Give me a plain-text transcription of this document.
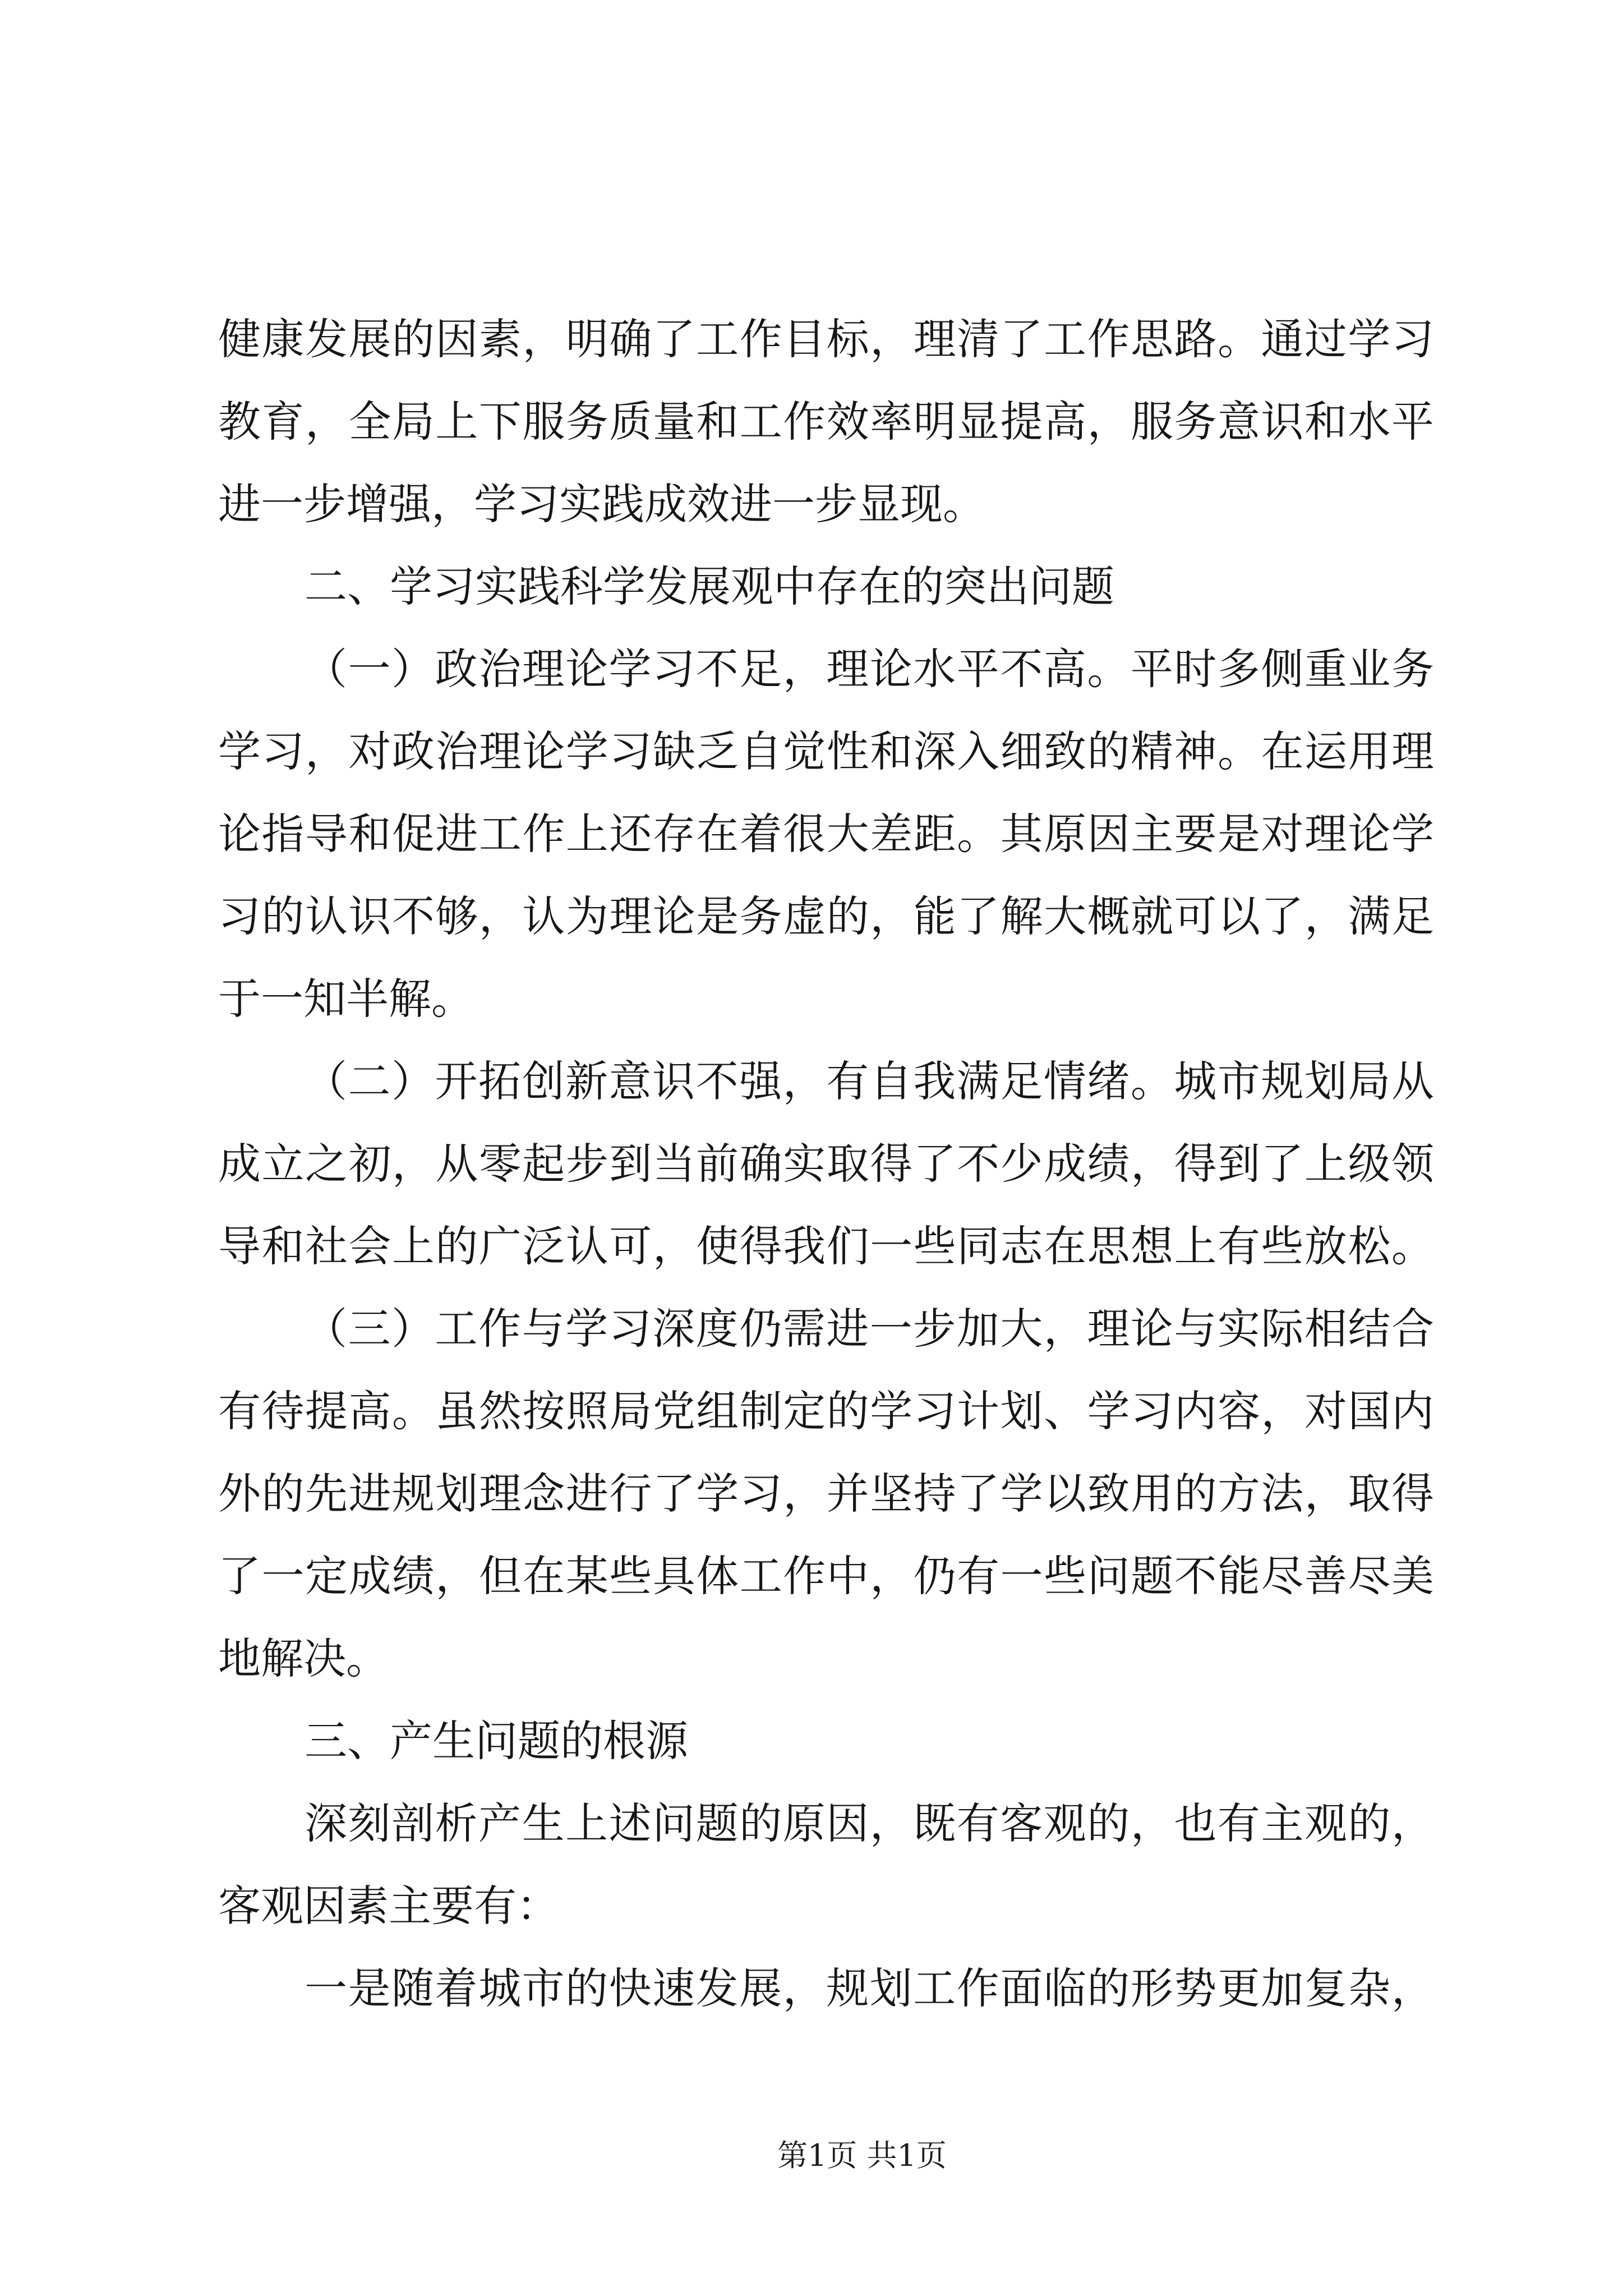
健康发展的因素，明确了工作目标，理清了工作思路。通过学习
教育，全局上下服务质量和工作效率明显提高，服务意识和水平
进一步增强，学习实践成效进一步显现。
二、学习实践科学发展观中存在的突出问题
（一）政治理论学习不足，理论水平不高。平时多侧重业务
学习，对政治理论学习缺乏自觉性和深入细致的精神。在运用理
论指导和促进工作上还存在着很大差距。其原因主要是对理论学
习的认识不够，认为理论是务虚的，能了解大概就可以了，满足
于一知半解。
（二）开拓创新意识不强，有自我满足情绪。城市规划局从
成立之初，从零起步到当前确实取得了不少成绩，得到了上级领
导和社会上的广泛认可，使得我们一些同志在思想上有些放松。
（三）工作与学习深度仍需进一步加大，理论与实际相结合
有待提高。虽然按照局党组制定的学习计划、学习内容，对国内
外的先进规划理念进行了学习，并坚持了学以致用的方法，取得
了一定成绩，但在某些具体工作中，仍有一些问题不能尽善尽美
地解决。
三、产生问题的根源
深刻剖析产生上述问题的原因，既有客观的，也有主观的，
客观因素主要有：
一是随着城市的快速发展，规划工作面临的形势更加复杂，
第1页 共1页
